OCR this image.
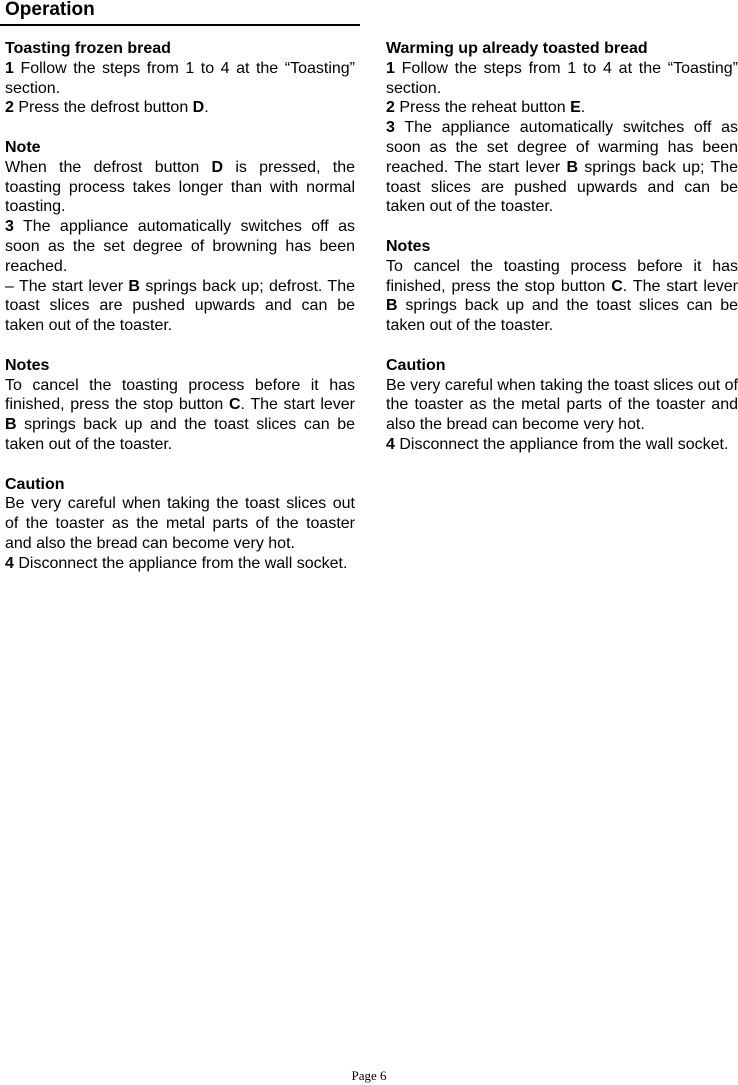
Operation
Toasting frozen bread

1 Follow the steps from 1 to 4 at the “Toasting” section.

2 Press the defrost button D.

Note

When the defrost button D is pressed, the toasting process takes longer than with normal toasting.

3 The appliance automatically switches off as soon as the set degree of browning has been reached.

– The start lever B springs back up; defrost. The toast slices are pushed upwards and can be taken out of the toaster.

Notes

To cancel the toasting process before it has finished, press the stop button C. The start lever B springs back up and the toast slices can be taken out of the toaster.

Caution

Be very careful when taking the toast slices out of the toaster as the metal parts of the toaster and also the bread can become very hot.

4 Disconnect the appliance from the wall socket.

Warming up already toasted bread

1 Follow the steps from 1 to 4 at the “Toasting” section.

2 Press the reheat button E.

3 The appliance automatically switches off as soon as the set degree of warming has been reached. The start lever B springs back up; The toast slices are pushed upwards and can be taken out of the toaster.

Notes

To cancel the toasting process before it has finished, press the stop button C. The start lever B springs back up and the toast slices can be taken out of the toaster.

Caution

Be very careful when taking the toast slices out of the toaster as the metal parts of the toaster and also the bread can become very hot.

4 Disconnect the appliance from the wall socket.

Page 6
